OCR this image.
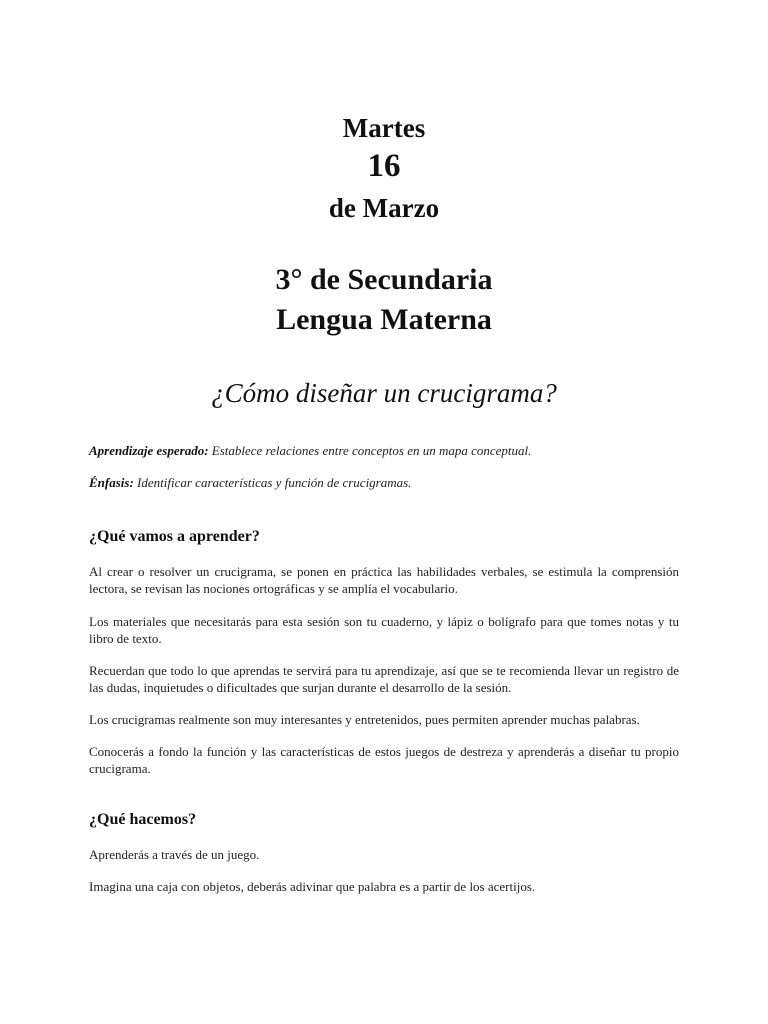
Martes
16
de Marzo
3° de Secundaria
Lengua Materna
¿Cómo diseñar un crucigrama?
Aprendizaje esperado: Establece relaciones entre conceptos en un mapa conceptual.
Énfasis: Identificar características y función de crucigramas.
¿Qué vamos a aprender?
Al crear o resolver un crucigrama, se ponen en práctica las habilidades verbales, se estimula la comprensión lectora, se revisan las nociones ortográficas y se amplía el vocabulario.
Los materiales que necesitarás para esta sesión son tu cuaderno, y lápiz o bolígrafo para que tomes notas y tu libro de texto.
Recuerdan que todo lo que aprendas te servirá para tu aprendizaje, así que se te recomienda llevar un registro de las dudas, inquietudes o dificultades que surjan durante el desarrollo de la sesión.
Los crucigramas realmente son muy interesantes y entretenidos, pues permiten aprender muchas palabras.
Conocerás a fondo la función y las características de estos juegos de destreza y aprenderás a diseñar tu propio crucigrama.
¿Qué hacemos?
Aprenderás a través de un juego.
Imagina una caja con objetos, deberás adivinar que palabra es a partir de los acertijos.
